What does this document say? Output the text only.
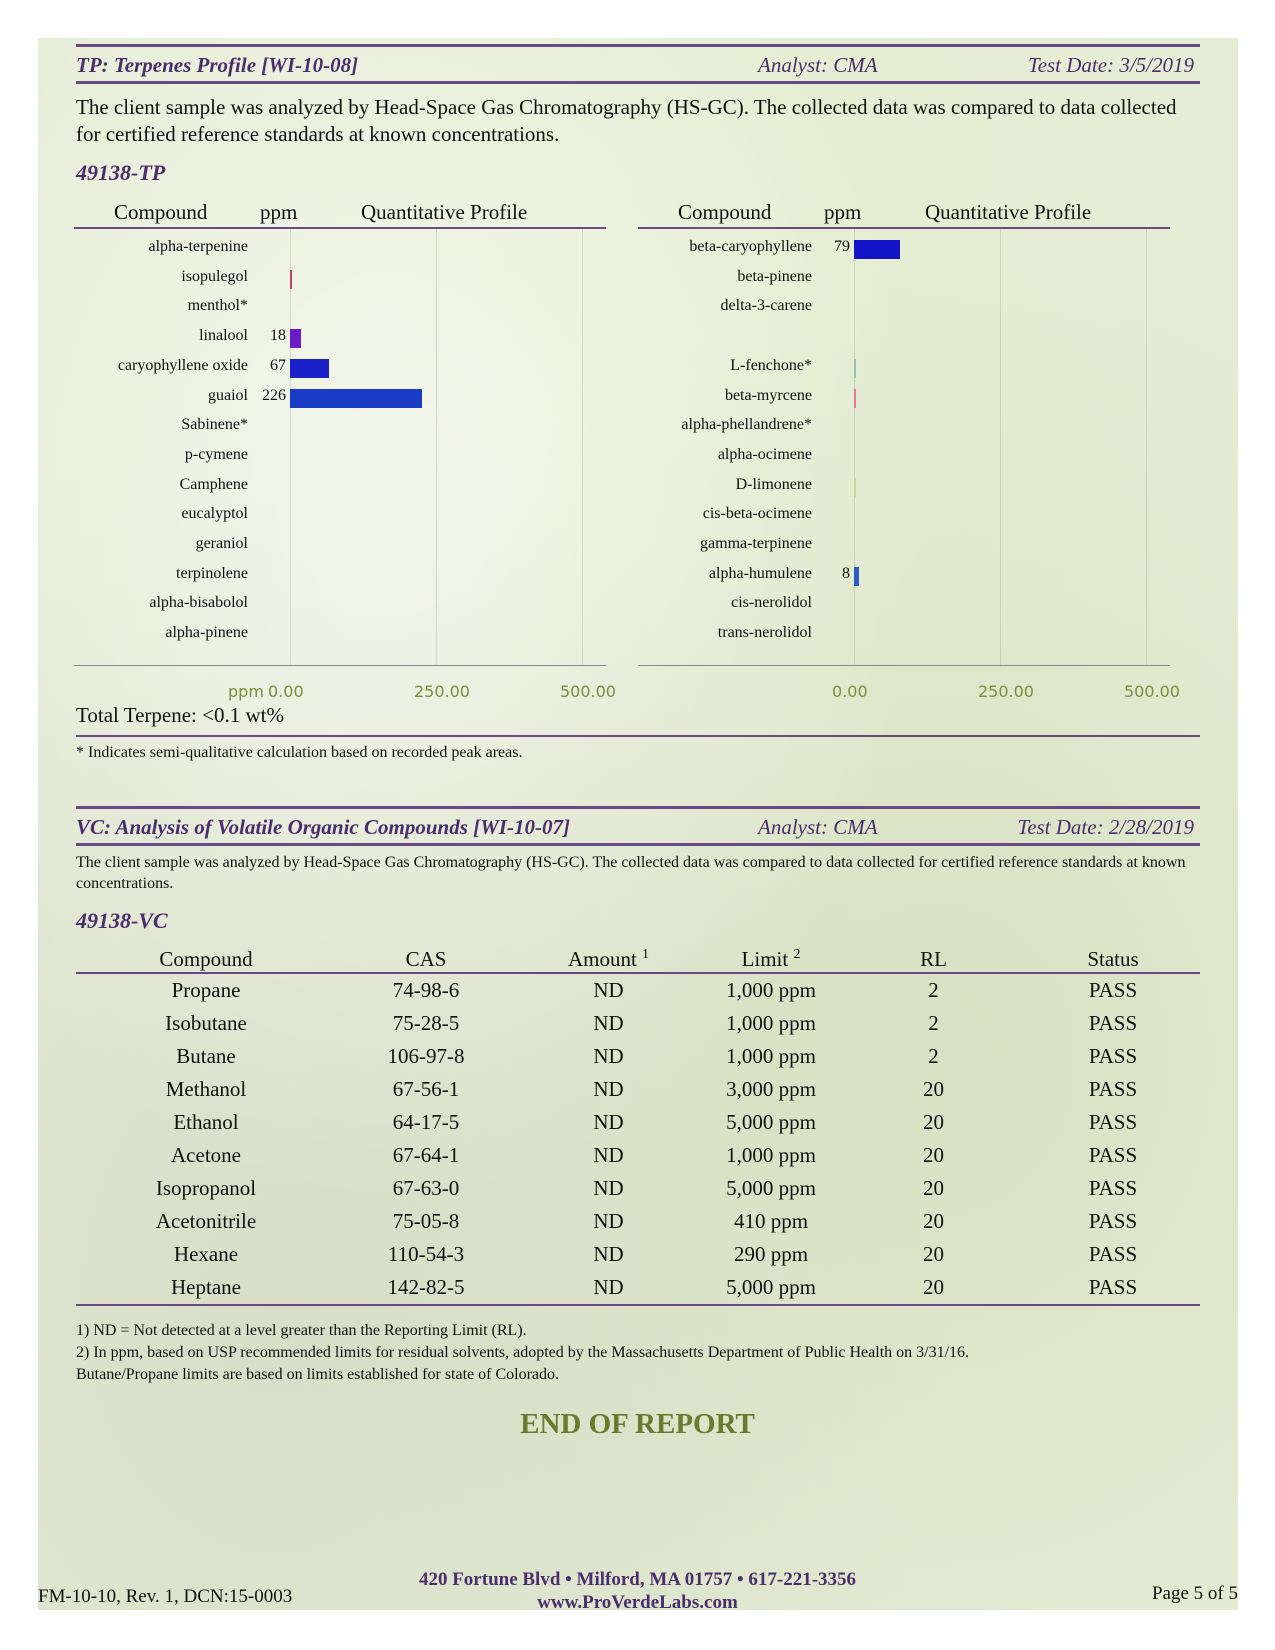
TP: Terpenes Profile [WI-10-08]	Analyst: CMA	Test Date: 3/5/2019
The client sample was analyzed by Head-Space Gas Chromatography (HS-GC). The collected data was compared to data collected for certified reference standards at known concentrations.
49138-TP
Compound	ppm	Quantitative Profile
ppm 0.00	250.00	500.00
alpha-terpenine
isopulegol
menthol*
linalool	18
caryophyllene oxide	67
guaiol 226
Sabinene*
p-cymene
Camphene
eucalyptol
geraniol
terpinolene
alpha-bisabolol
alpha-pinene
Compound	ppm	Quantitative Profile
0.00	250.00	500.00
beta-caryophyllene	79
beta-pinene
delta-3-carene
L-fenchone*
beta-myrcene
alpha-phellandrene*
alpha-ocimene
D-limonene
cis-beta-ocimene
gamma-terpinene
alpha-humulene	8
cis-nerolidol
trans-nerolidol
Total Terpene: <0.1 wt%
* Indicates semi-qualitative calculation based on recorded peak areas.
VC: Analysis of Volatile Organic Compounds [WI-10-07]	Analyst: CMA	Test Date: 2/28/2019
The client sample was analyzed by Head-Space Gas Chromatography (HS-GC). The collected data was compared to data collected for certified reference standards at known concentrations.
49138-VC
Compound	CAS	Amount $^1$	Limit $^2$	RL	Status
Propane	74-98-6	ND	1,000 ppm	2	PASS
Isobutane	75-28-5	ND	1,000 ppm	2	PASS
Butane	106-97-8	ND	1,000 ppm	2	PASS
Methanol	67-56-1	ND	3,000 ppm	20	PASS
Ethanol	64-17-5	ND	5,000 ppm	20	PASS
Acetone	67-64-1	ND	1,000 ppm	20	PASS
Isopropanol	67-63-0	ND	5,000 ppm	20	PASS
Acetonitrile	75-05-8	ND	410 ppm	20	PASS
Hexane	110-54-3	ND	290 ppm	20	PASS
Heptane	142-82-5	ND	5,000 ppm	20	PASS
1) ND = Not detected at a level greater than the Reporting Limit (RL).
2) In ppm, based on USP recommended limits for residual solvents, adopted by the Massachusetts Department of Public Health on 3/31/16.
Butane/Propane limits are based on limits established for state of Colorado.
END OF REPORT
420 Fortune Blvd • Milford, MA 01757 • 617-221-3356
www.ProVerdeLabs.com
FM-10-10, Rev. 1, DCN:15-0003	Page 5 of 5
